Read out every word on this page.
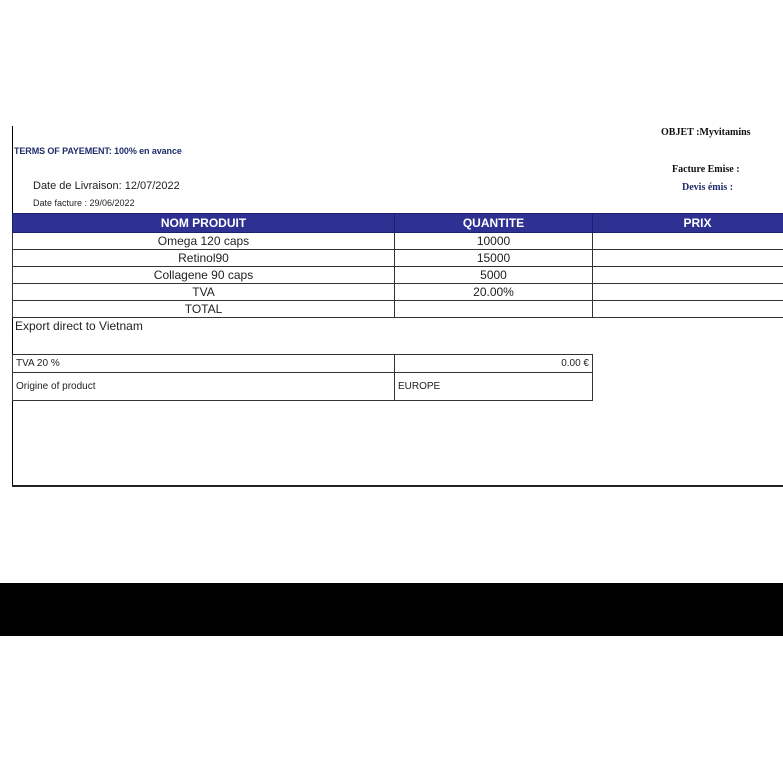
TERMS OF PAYEMENT: 100% en avance
Date de Livraison: 12/07/2022
Date facture : 29/06/2022
OBJET :Myvitamins
Facture Emise :
Devis émis :
NOM PRODUIT	QUANTITE	PRIX
Omega 120 caps	10000	
Retinol90	15000	
Collagene 90 caps	5000	
TVA	20.00%	
TOTAL		
Export direct to Vietnam
TVA 20 %	0.00 €
Origine of product	EUROPE
